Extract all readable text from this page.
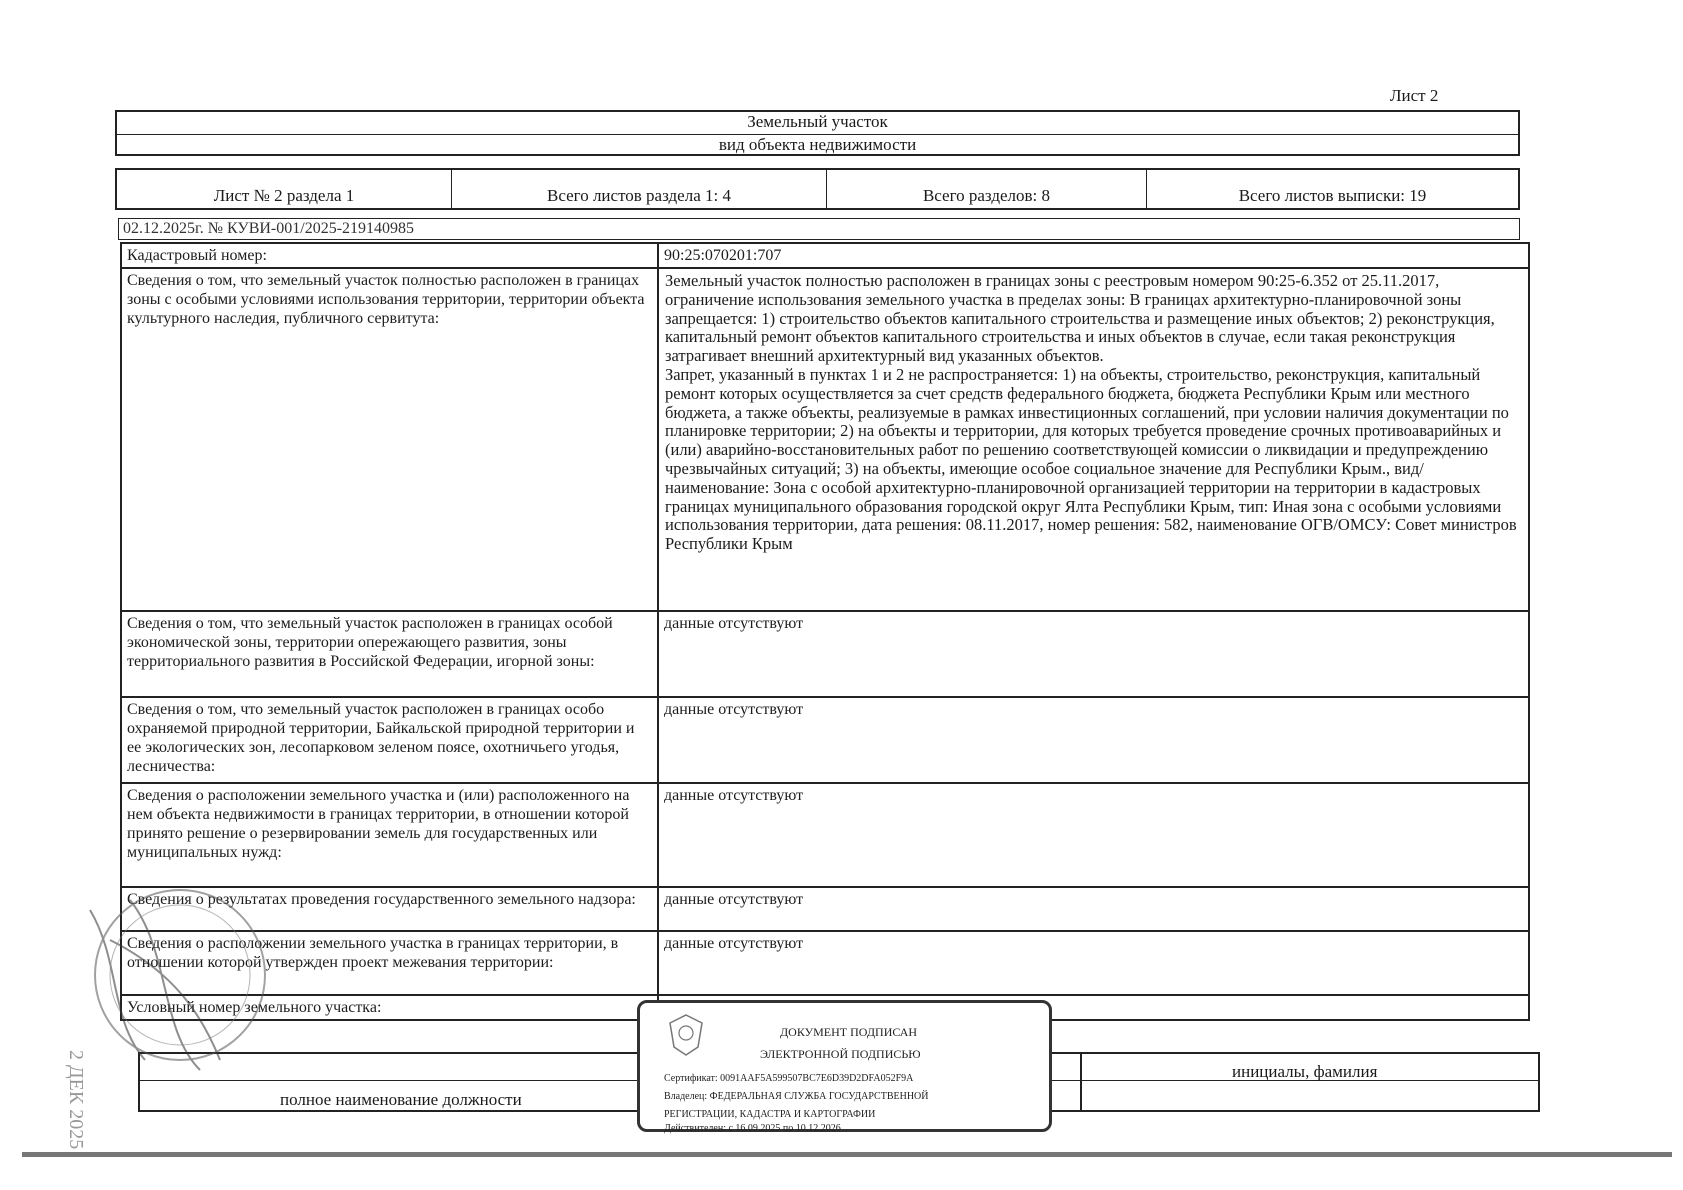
Лист 2
Земельный участок
вид объекта недвижимости
Лист № 2 раздела 1	Всего листов раздела 1: 4	Всего разделов: 8	Всего листов выписки: 19
02.12.2025г. № КУВИ-001/2025-219140985
Кадастровый номер:	90:25:070201:707
Сведения о том, что земельный участок полностью расположен в границах зоны с особыми условиями использования территории, территории объекта культурного наследия, публичного сервитута:	Земельный участок полностью расположен в границах зоны с реестровым номером 90:25-6.352 от 25.11.2017, ограничение использования земельного участка в пределах зоны: В границах архитектурно-планировочной зоны запрещается: 1) строительство объектов капитального строительства и размещение иных объектов; 2) реконструкция, капитальный ремонт объектов капитального строительства и иных объектов в случае, если такая реконструкция затрагивает внешний архитектурный вид указанных объектов.
Запрет, указанный в пунктах 1 и 2 не распространяется: 1) на объекты, строительство, реконструкция, капитальный ремонт которых осуществляется за счет средств федерального бюджета, бюджета Республики Крым или местного бюджета, а также объекты, реализуемые в рамках инвестиционных соглашений, при условии наличия документации по планировке территории; 2) на объекты и территории, для которых требуется проведение срочных противоаварийных и (или) аварийно-восстановительных работ по решению соответствующей комиссии о ликвидации и предупреждению чрезвычайных ситуаций; 3) на объекты, имеющие особое социальное значение для Республики Крым., вид/наименование: Зона с особой архитектурно-планировочной организацией территории на территории в кадастровых границах муниципального образования городской округ Ялта Республики Крым, тип: Иная зона с особыми условиями использования территории, дата решения: 08.11.2017, номер решения: 582, наименование ОГВ/ОМСУ: Совет министров Республики Крым
Сведения о том, что земельный участок расположен в границах особой экономической зоны, территории опережающего развития, зоны территориального развития в Российской Федерации, игорной зоны:	данные отсутствуют
Сведения о том, что земельный участок расположен в границах особо охраняемой природной территории, Байкальской природной территории и ее экологических зон, лесопарковом зеленом поясе, охотничьего угодья, лесничества:	данные отсутствуют
Сведения о расположении земельного участка и (или) расположенного на нем объекта недвижимости в границах территории, в отношении которой принято решение о резервировании земель для государственных или муниципальных нужд:	данные отсутствуют
Сведения о результатах проведения государственного земельного надзора:	данные отсутствуют
Сведения о расположении земельного участка в границах территории, в отношении которой утвержден проект межевания территории:	данные отсутствуют
Условный номер земельного участка:	
полное наименование должности
инициалы, фамилия
2 ДЕК 2025
ДОКУМЕНТ ПОДПИСАН
ЭЛЕКТРОННОЙ ПОДПИСЬЮ
Сертификат: 0091AAF5A599507BC7E6D39D2DFA052F9A
Владелец: ФЕДЕРАЛЬНАЯ СЛУЖБА ГОСУДАРСТВЕННОЙ
РЕГИСТРАЦИИ, КАДАСТРА И КАРТОГРАФИИ
Действителен: с 16.09.2025 по 10.12.2026
